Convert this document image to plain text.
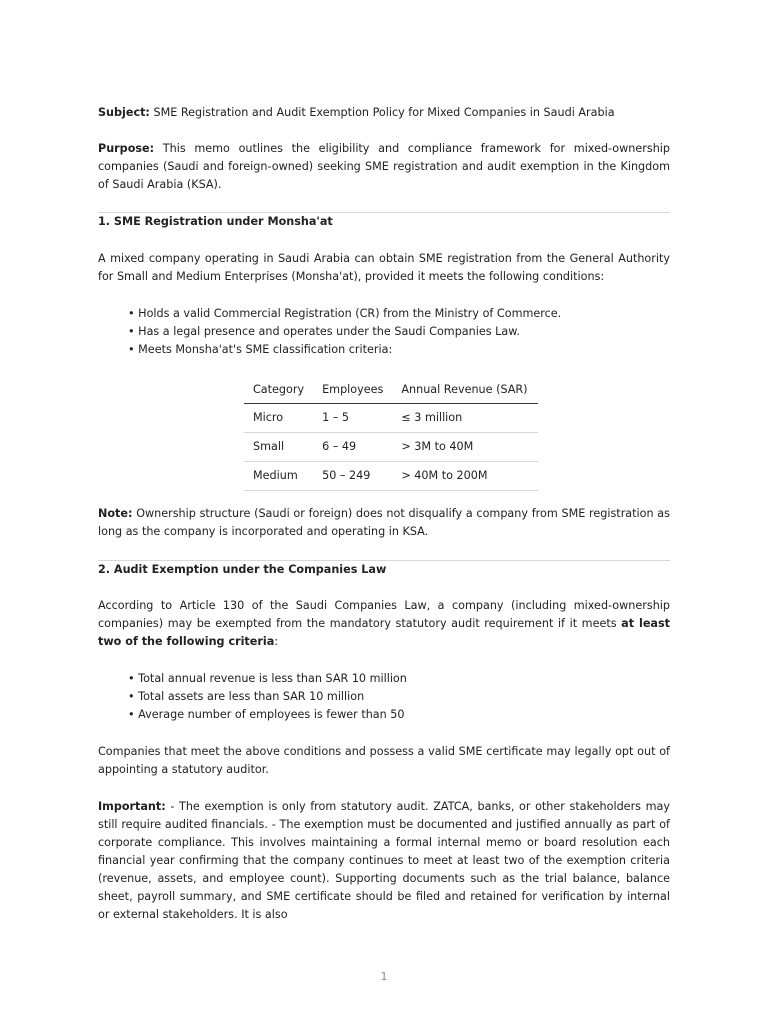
Subject: SME Registration and Audit Exemption Policy for Mixed Companies in Saudi Arabia

Purpose: This memo outlines the eligibility and compliance framework for mixed-ownership companies (Saudi and foreign-owned) seeking SME registration and audit exemption in the Kingdom of Saudi Arabia (KSA).

1. SME Registration under Monsha'at

A mixed company operating in Saudi Arabia can obtain SME registration from the General Authority for Small and Medium Enterprises (Monsha'at), provided it meets the following conditions:

• Holds a valid Commercial Registration (CR) from the Ministry of Commerce.
• Has a legal presence and operates under the Saudi Companies Law.
• Meets Monsha'at's SME classification criteria:
Category	Employees	Annual Revenue (SAR)
Micro	1 – 5	≤ 3 million
Small	6 – 49	> 3M to 40M
Medium	50 – 249	> 40M to 200M

Note: Ownership structure (Saudi or foreign) does not disqualify a company from SME registration as long as the company is incorporated and operating in KSA.

2. Audit Exemption under the Companies Law

According to Article 130 of the Saudi Companies Law, a company (including mixed-ownership companies) may be exempted from the mandatory statutory audit requirement if it meets at least two of the following criteria:

• Total annual revenue is less than SAR 10 million
• Total assets are less than SAR 10 million
• Average number of employees is fewer than 50

Companies that meet the above conditions and possess a valid SME certificate may legally opt out of appointing a statutory auditor.

Important: - The exemption is only from statutory audit. ZATCA, banks, or other stakeholders may still require audited financials. - The exemption must be documented and justified annually as part of corporate compliance. This involves maintaining a formal internal memo or board resolution each financial year confirming that the company continues to meet at least two of the exemption criteria (revenue, assets, and employee count). Supporting documents such as the trial balance, balance sheet, payroll summary, and SME certificate should be filed and retained for verification by internal or external stakeholders. It is also

1
